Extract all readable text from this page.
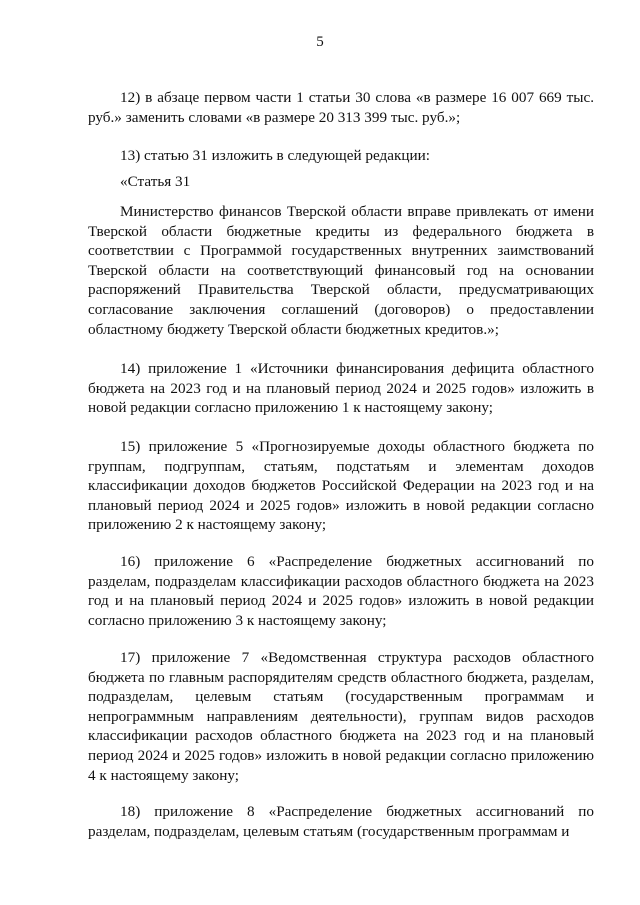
5
12) в абзаце первом части 1 статьи 30 слова «в размере 16 007 669 тыс. руб.» заменить словами «в размере 20 313 399 тыс. руб.»;
13) статью 31 изложить в следующей редакции:
«Статья 31
Министерство финансов Тверской области вправе привлекать от имени Тверской области бюджетные кредиты из федерального бюджета в соответствии с Программой государственных внутренних заимствований Тверской области на соответствующий финансовый год на основании распоряжений Правительства Тверской области, предусматривающих согласование заключения соглашений (договоров) о предоставлении областному бюджету Тверской области бюджетных кредитов.»;
14) приложение 1 «Источники финансирования дефицита областного бюджета на 2023 год и на плановый период 2024 и 2025 годов» изложить в новой редакции согласно приложению 1 к настоящему закону;
15) приложение 5 «Прогнозируемые доходы областного бюджета по группам, подгруппам, статьям, подстатьям и элементам доходов классификации доходов бюджетов Российской Федерации на 2023 год и на плановый период 2024 и 2025 годов» изложить в новой редакции согласно приложению 2 к настоящему закону;
16) приложение 6 «Распределение бюджетных ассигнований по разделам, подразделам классификации расходов областного бюджета на 2023 год и на плановый период 2024 и 2025 годов» изложить в новой редакции согласно приложению 3 к настоящему закону;
17) приложение 7 «Ведомственная структура расходов областного бюджета по главным распорядителям средств областного бюджета, разделам, подразделам, целевым статьям (государственным программам и непрограммным направлениям деятельности), группам видов расходов классификации расходов областного бюджета на 2023 год и на плановый период 2024 и 2025 годов» изложить в новой редакции согласно приложению 4 к настоящему закону;
18) приложение 8 «Распределение бюджетных ассигнований по разделам, подразделам, целевым статьям (государственным программам и
